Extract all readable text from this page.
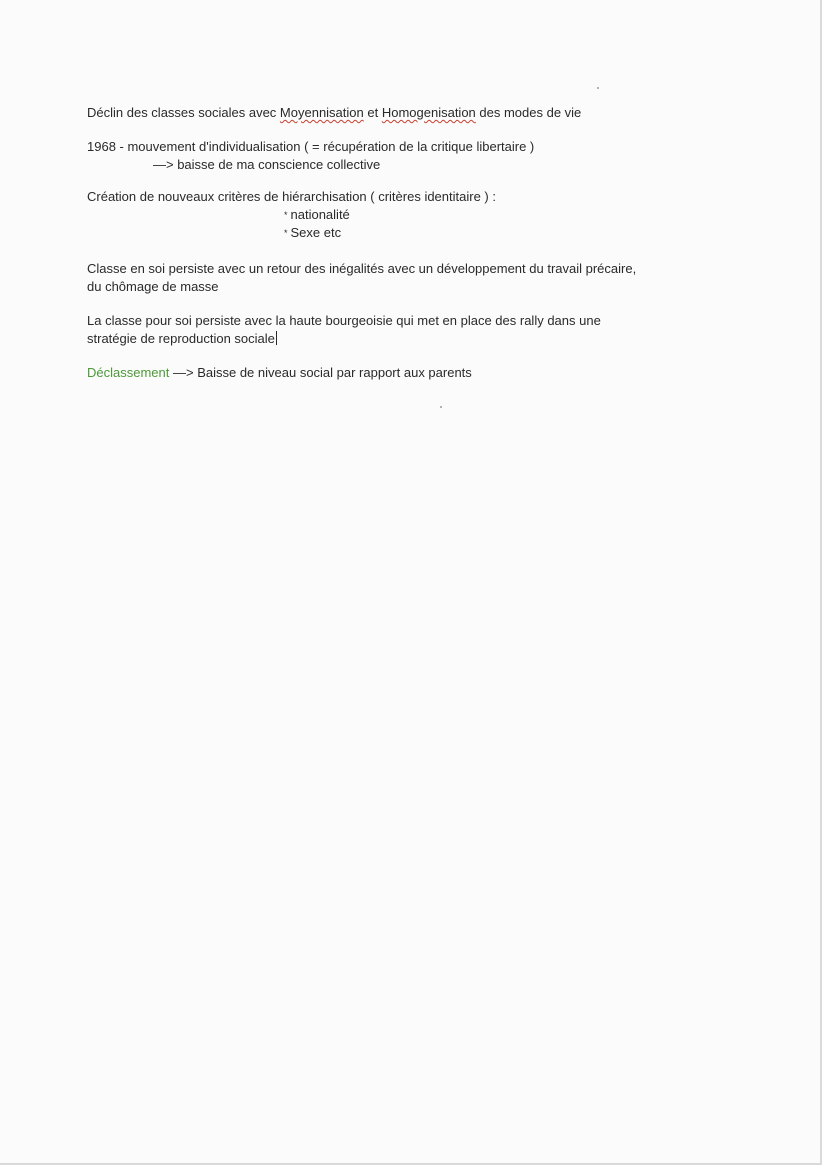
Déclin des classes sociales avec Moyennisation et Homogenisation des modes de vie

1968 - mouvement d'individualisation ( = récupération de la critique libertaire )
—> baisse de ma conscience collective

Création de nouveaux critères de hiérarchisation ( critères identitaire ) :

* nationalité
* Sexe etc

Classe en soi persiste avec un retour des inégalités avec un développement du travail précaire,
du chômage de masse

La classe pour soi persiste avec la haute bourgeoisie qui met en place des rally dans une
stratégie de reproduction sociale

Déclassement —> Baisse de niveau social par rapport aux parents
